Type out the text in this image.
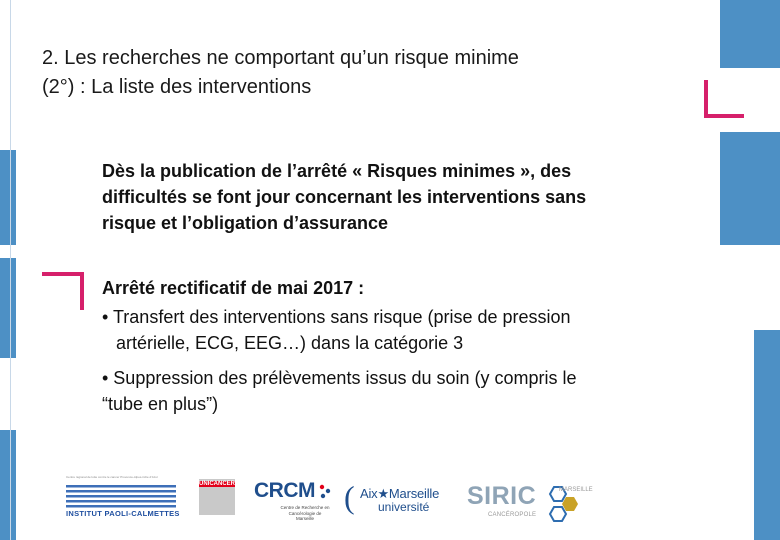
2. Les recherches ne comportant qu’un risque minime
(2°) : La liste des interventions
Dès la publication de l’arrêté « Risques minimes », des
difficultés se font jour concernant les interventions sans
risque et l’obligation d’assurance
Arrêté rectificatif de mai 2017 :
• Transfert des interventions sans risque (prise de pression
artérielle, ECG, EEG…) dans la catégorie 3
• Suppression des prélèvements issus du soin (y compris le
“tube en plus”)
Centre régional de lutte contre le cancer Provence-Alpes-Côte d'Azur
INSTITUT PAOLI-CALMETTES
UNICANCER CRCM
Centre de Recherche en Cancérologie de Marseille
( Aix★Marseille
université SIRIC	MARSEILLE
CANCÉROPOLE
